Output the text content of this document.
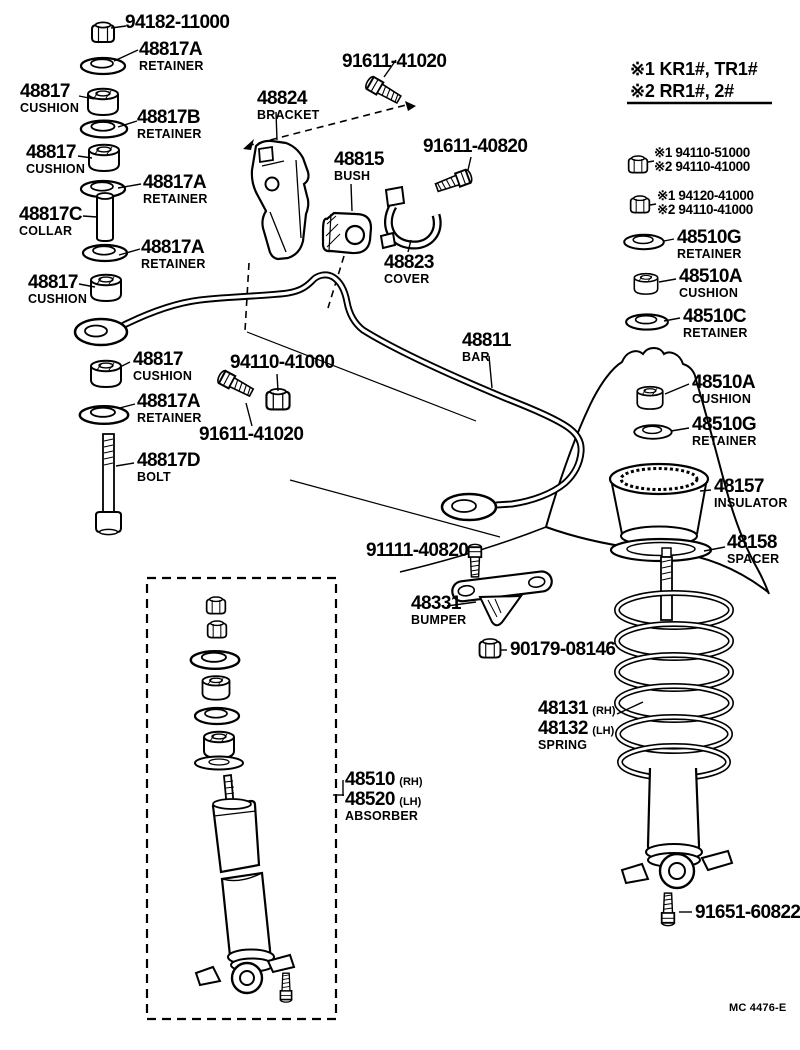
94182-11000
48817A
RETAINER
48817
CUSHION	48817B
RETAINER
48817
CUSHION
48817A
RETAINER
48817C
COLLAR
48817A
RETAINER
48817
CUSHION
91611-41020
48824
BRACKET
48815
BUSH
91611-40820
48823
COVER
※1 KR1#, TR1#
※2 RR1#, 2#
※1 94110-51000
※2 94110-41000
※1 94120-41000
※2 94110-41000
48510G
RETAINER
48510A
CUSHION
48510C
RETAINER
48811
BAR
48817
CUSHION
94110-41000
48817A
RETAINER
91611-41020
48817D
BOLT
48510A
CUSHION
48510G
RETAINER
48157
INSULATOR
48158
SPACER
91111-40820
48331
BUMPER
90179-08146
48131 (RH)
48132 (LH)
SPRING
48510 (RH)
48520 (LH)
ABSORBER
91651-60822
MC 4476-E
